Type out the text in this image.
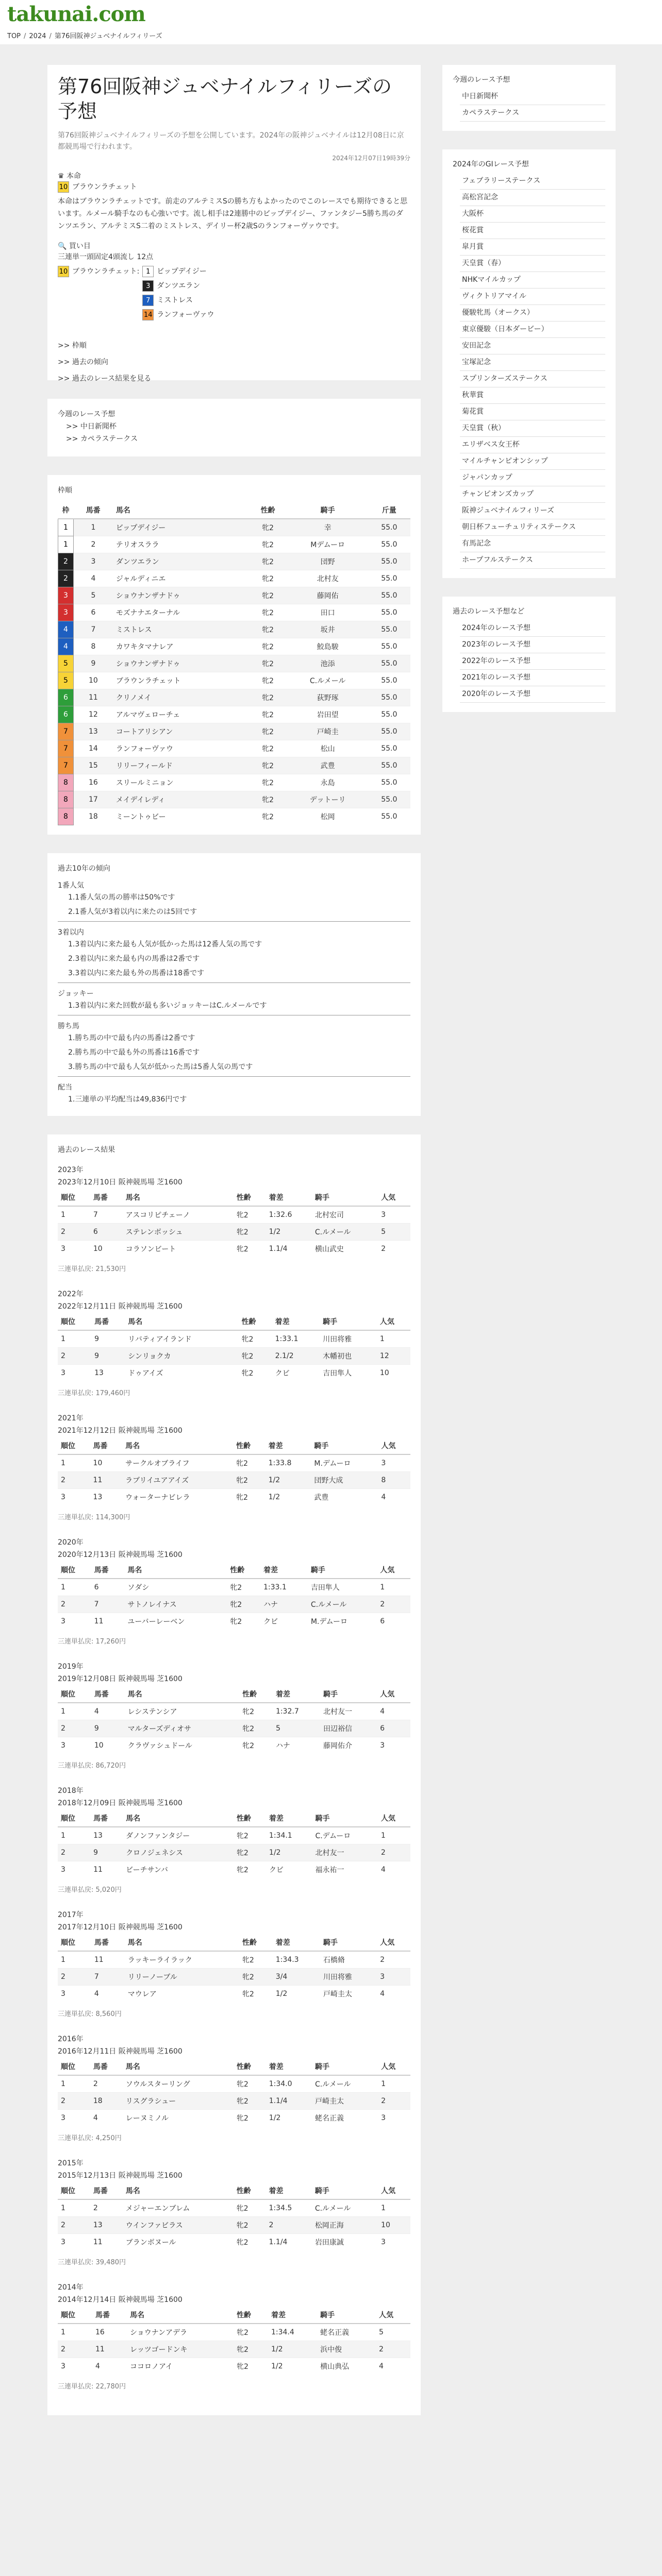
takunai.com
TOP / 2024 / 第76回阪神ジュベナイルフィリーズ
第76回阪神ジュベナイルフィリーズの予想

第76回阪神ジュベナイルフィリーズの予想を公開しています。2024年の阪神ジュベナイルは12月08日に京都競馬場で行われます。

2024年12月07日19時39分
♛ 本命
10 ブラウンラチェット

本命はブラウンラチェットです。前走のアルテミスSの勝ち方もよかったのでこのレースでも期待できると思います。ルメール騎手なのも心強いです。流し相手は2連勝中のビップデイジー、ファンタジー5勝ち馬のダンツエラン、アルテミスS二着のミストレス、デイリー杯2歳Sのランフォーヴァウです。

🔍 買い目
三連単一頭固定4頭流し 12点
10 ブラウンラチェット: 1 ビップデイジー
3 ダンツエラン
7 ミストレス
14 ランフォーヴァウ
>> 枠順
>> 過去の傾向
>> 過去のレース結果を見る
今週のレース予想
>> 中日新聞杯
>> カペラステークス
枠順
枠	馬番	馬名	性齢	騎手	斤量
1	1	ビップデイジー	牝2	幸	55.0
1	2	テリオスララ	牝2	Mデムーロ	55.0
2	3	ダンツエラン	牝2	団野	55.0
2	4	ジャルディニエ	牝2	北村友	55.0
3	5	ショウナンザナドゥ	牝2	藤岡佑	55.0
3	6	モズナナエターナル	牝2	田口	55.0
4	7	ミストレス	牝2	坂井	55.0
4	8	カワキタマナレア	牝2	鮫島駿	55.0
5	9	ショウナンザナドゥ	牝2	池添	55.0
5	10	ブラウンラチェット	牝2	C.ルメール	55.0
6	11	クリノメイ	牝2	荻野琢	55.0
6	12	アルマヴェローチェ	牝2	岩田望	55.0
7	13	コートアリシアン	牝2	戸崎圭	55.0
7	14	ランフォーヴァウ	牝2	松山	55.0
7	15	リリーフィールド	牝2	武豊	55.0
8	16	スリールミニョン	牝2	永島	55.0
8	17	メイデイレディ	牝2	デットーリ	55.0
8	18	ミーントゥビー	牝2	松岡	55.0
過去10年の傾向
1番人気
1.1番人気の馬の勝率は50%です
2.1番人気が3着以内に来たのは5回です
3着以内
1.3着以内に来た最も人気が低かった馬は12番人気の馬です
2.3着以内に来た最も内の馬番は2番です
3.3着以内に来た最も外の馬番は18番です
ジョッキー
1.3着以内に来た回数が最も多いジョッキーはC.ルメールです
勝ち馬
1.勝ち馬の中で最も内の馬番は2番です
2.勝ち馬の中で最も外の馬番は16番です
3.勝ち馬の中で最も人気が低かった馬は5番人気の馬です
配当
1.三連単の平均配当は49,836円です
過去のレース結果
2023年
2023年12月10日 阪神競馬場 芝1600
順位	馬番	馬名	性齢	着差	騎手	人気
1	7	アスコリピチェーノ	牝2	1:32.6	北村宏司	3
2	6	ステレンボッシュ	牝2	1/2	C.ルメール	5
3	10	コラソンビート	牝2	1.1/4	横山武史	2
三連単払戻: 21,530円
2022年
2022年12月11日 阪神競馬場 芝1600
順位	馬番	馬名	性齢	着差	騎手	人気
1	9	リバティアイランド	牝2	1:33.1	川田将雅	1
2	9	シンリョクカ	牝2	2.1/2	木幡初也	12
3	13	ドゥアイズ	牝2	クビ	吉田隼人	10
三連単払戻: 179,460円
2021年
2021年12月12日 阪神競馬場 芝1600
順位	馬番	馬名	性齢	着差	騎手	人気
1	10	サークルオブライフ	牝2	1:33.8	M.デムーロ	3
2	11	ラブリイユアアイズ	牝2	1/2	団野大成	8
3	13	ウォーターナビレラ	牝2	1/2	武豊	4
三連単払戻: 114,300円
2020年
2020年12月13日 阪神競馬場 芝1600
順位	馬番	馬名	性齢	着差	騎手	人気
1	6	ソダシ	牝2	1:33.1	吉田隼人	1
2	7	サトノレイナス	牝2	ハナ	C.ルメール	2
3	11	ユーバーレーベン	牝2	クビ	M.デムーロ	6
三連単払戻: 17,260円
2019年
2019年12月08日 阪神競馬場 芝1600
順位	馬番	馬名	性齢	着差	騎手	人気
1	4	レシステンシア	牝2	1:32.7	北村友一	4
2	9	マルターズディオサ	牝2	5	田辺裕信	6
3	10	クラヴァシュドール	牝2	ハナ	藤岡佑介	3
三連単払戻: 86,720円
2018年
2018年12月09日 阪神競馬場 芝1600
順位	馬番	馬名	性齢	着差	騎手	人気
1	13	ダノンファンタジー	牝2	1:34.1	C.デムーロ	1
2	9	クロノジェネシス	牝2	1/2	北村友一	2
3	11	ビーチサンバ	牝2	クビ	福永祐一	4
三連単払戻: 5,020円
2017年
2017年12月10日 阪神競馬場 芝1600
順位	馬番	馬名	性齢	着差	騎手	人気
1	11	ラッキーライラック	牝2	1:34.3	石橋脩	2
2	7	リリーノーブル	牝2	3/4	川田将雅	3
3	4	マウレア	牝2	1/2	戸崎圭太	4
三連単払戻: 8,560円
2016年
2016年12月11日 阪神競馬場 芝1600
順位	馬番	馬名	性齢	着差	騎手	人気
1	2	ソウルスターリング	牝2	1:34.0	C.ルメール	1
2	18	リスグラシュー	牝2	1.1/4	戸崎圭太	2
3	4	レーヌミノル	牝2	1/2	蛯名正義	3
三連単払戻: 4,250円
2015年
2015年12月13日 阪神競馬場 芝1600
順位	馬番	馬名	性齢	着差	騎手	人気
1	2	メジャーエンブレム	牝2	1:34.5	C.ルメール	1
2	13	ウインファビラス	牝2	2	松岡正海	10
3	11	ブランボヌール	牝2	1.1/4	岩田康誠	3
三連単払戻: 39,480円
2014年
2014年12月14日 阪神競馬場 芝1600
順位	馬番	馬名	性齢	着差	騎手	人気
1	16	ショウナンアデラ	牝2	1:34.4	蛯名正義	5
2	11	レッツゴードンキ	牝2	1/2	浜中俊	2
3	4	ココロノアイ	牝2	1/2	横山典弘	4
三連単払戻: 22,780円
今週のレース予想
中日新聞杯
カペラステークス
2024年のGIレース予想
フェブラリーステークス
高松宮記念
大阪杯
桜花賞
皐月賞
天皇賞（春）
NHKマイルカップ
ヴィクトリアマイル
優駿牝馬（オークス）
東京優駿（日本ダービー）
安田記念
宝塚記念
スプリンターズステークス
秋華賞
菊花賞
天皇賞（秋）
エリザベス女王杯
マイルチャンピオンシップ
ジャパンカップ
チャンピオンズカップ
阪神ジュベナイルフィリーズ
朝日杯フューチュリティステークス
有馬記念
ホープフルステークス
過去のレース予想など
2024年のレース予想
2023年のレース予想
2022年のレース予想
2021年のレース予想
2020年のレース予想
